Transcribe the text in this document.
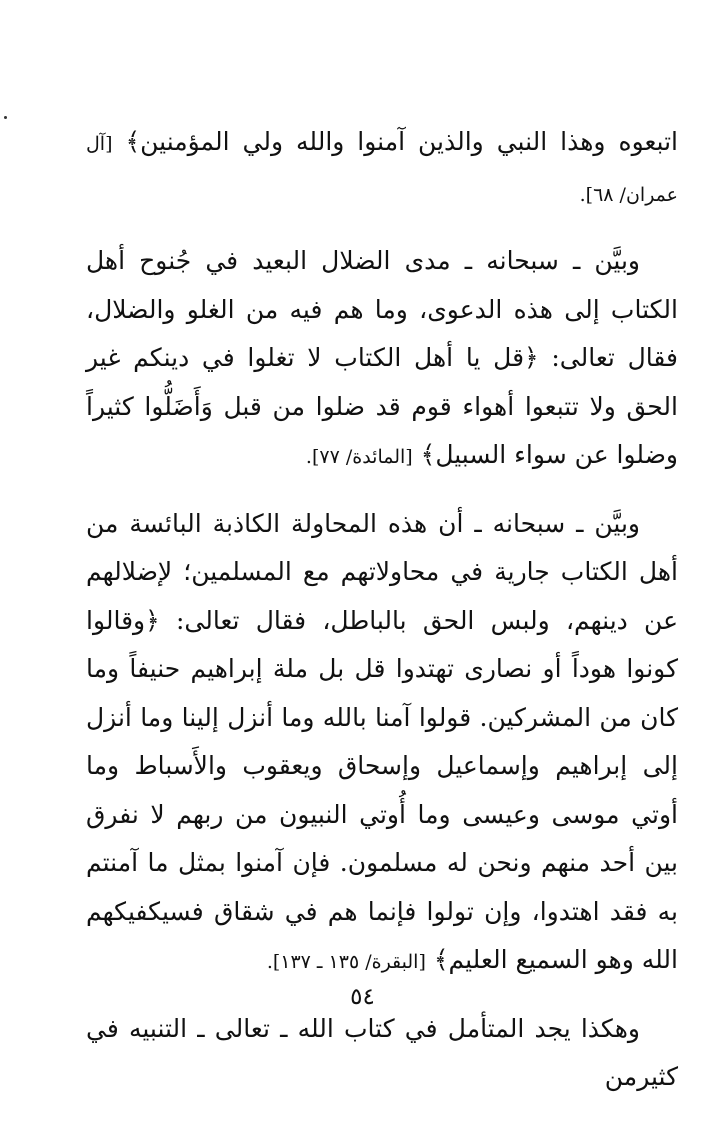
اتبعوه وهذا النبي والذين آمنوا والله ولي المؤمنين﴾ [آل عمران/ ٦٨].

وبيَّن ـ سبحانه ـ مدى الضلال البعيد في جُنوح أهل الكتاب إلى هذه الدعوى، وما هم فيه من الغلو والضلال، فقال تعالى: ﴿قل يا أهل الكتاب لا تغلوا في دينكم غير الحق ولا تتبعوا أهواء قوم قد ضلوا من قبل وَأَضَلُّوا كثيراً وضلوا عن سواء السبيل﴾ [المائدة/ ٧٧].

وبيَّن ـ سبحانه ـ أن هذه المحاولة الكاذبة البائسة من أهل الكتاب جارية في محاولاتهم مع المسلمين؛ لإضلالهم عن دينهم، ولبس الحق بالباطل، فقال تعالى: ﴿وقالوا كونوا هوداً أو نصارى تهتدوا قل بل ملة إبراهيم حنيفاً وما كان من المشركين. قولوا آمنا بالله وما أنزل إلينا وما أنزل إلى إبراهيم وإسماعيل وإسحاق ويعقوب والأَسباط وما أوتي موسى وعيسى وما أُوتي النبيون من ربهم لا نفرق بين أحد منهم ونحن له مسلمون. فإن آمنوا بمثل ما آمنتم به فقد اهتدوا، وإن تولوا فإنما هم في شقاق فسيكفيكهم الله وهو السميع العليم﴾ [البقرة/ ١٣٥ ـ ١٣٧].

وهكذا يجد المتأمل في كتاب الله ـ تعالى ـ التنبيه في كثيرمن

٥٤
